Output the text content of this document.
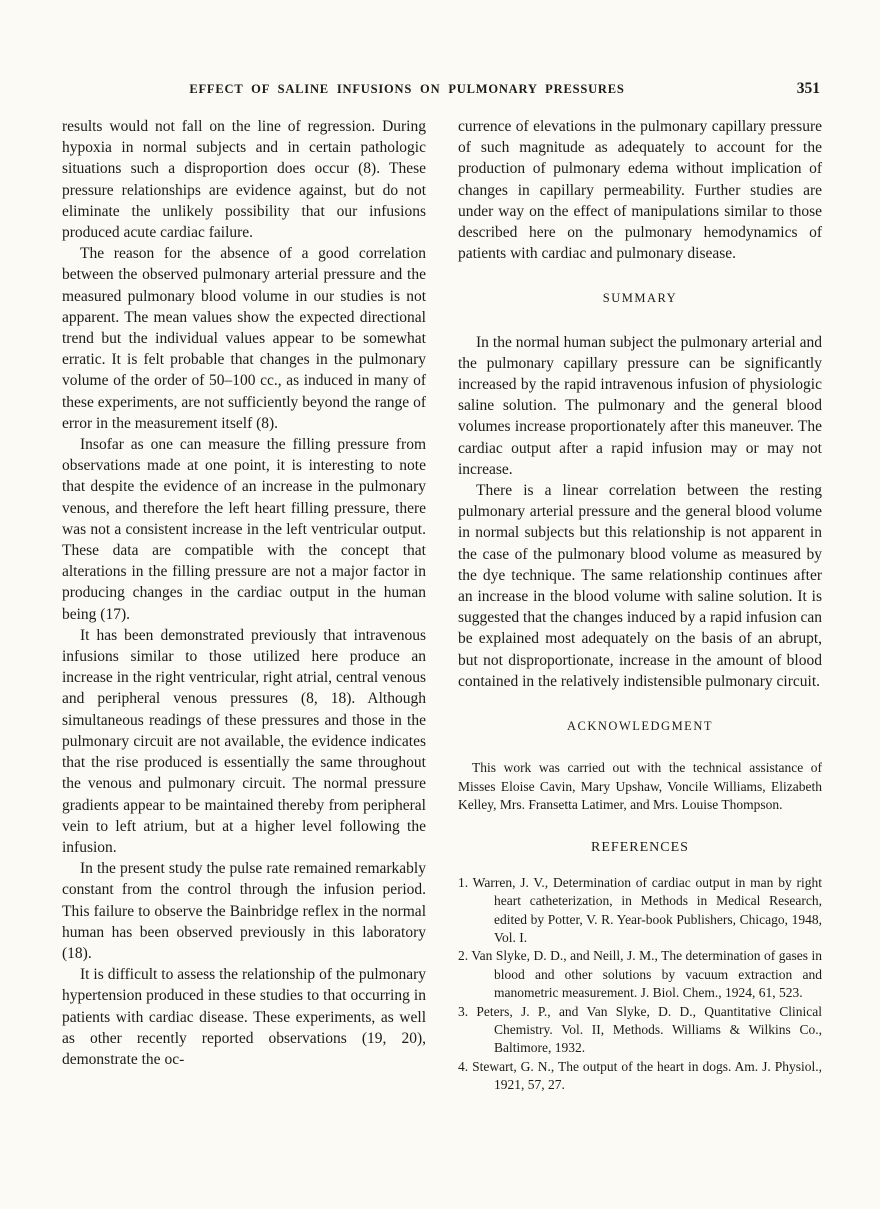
EFFECT OF SALINE INFUSIONS ON PULMONARY PRESSURES	351

results would not fall on the line of regression. During hypoxia in normal subjects and in certain pathologic situations such a disproportion does occur (8). These pressure relationships are evidence against, but do not eliminate the unlikely possibility that our infusions produced acute cardiac failure.

The reason for the absence of a good correlation between the observed pulmonary arterial pressure and the measured pulmonary blood volume in our studies is not apparent. The mean values show the expected directional trend but the individual values appear to be somewhat erratic. It is felt probable that changes in the pulmonary volume of the order of 50–100 cc., as induced in many of these experiments, are not sufficiently beyond the range of error in the measurement itself (8).

Insofar as one can measure the filling pressure from observations made at one point, it is interesting to note that despite the evidence of an increase in the pulmonary venous, and therefore the left heart filling pressure, there was not a consistent increase in the left ventricular output. These data are compatible with the concept that alterations in the filling pressure are not a major factor in producing changes in the cardiac output in the human being (17).

It has been demonstrated previously that intravenous infusions similar to those utilized here produce an increase in the right ventricular, right atrial, central venous and peripheral venous pressures (8, 18). Although simultaneous readings of these pressures and those in the pulmonary circuit are not available, the evidence indicates that the rise produced is essentially the same throughout the venous and pulmonary circuit. The normal pressure gradients appear to be maintained thereby from peripheral vein to left atrium, but at a higher level following the infusion.

In the present study the pulse rate remained remarkably constant from the control through the infusion period. This failure to observe the Bainbridge reflex in the normal human has been observed previously in this laboratory (18).

It is difficult to assess the relationship of the pulmonary hypertension produced in these studies to that occurring in patients with cardiac disease. These experiments, as well as other recently reported observations (19, 20), demonstrate the oc-

currence of elevations in the pulmonary capillary pressure of such magnitude as adequately to account for the production of pulmonary edema without implication of changes in capillary permeability. Further studies are under way on the effect of manipulations similar to those described here on the pulmonary hemodynamics of patients with cardiac and pulmonary disease.

SUMMARY

In the normal human subject the pulmonary arterial and the pulmonary capillary pressure can be significantly increased by the rapid intravenous infusion of physiologic saline solution. The pulmonary and the general blood volumes increase proportionately after this maneuver. The cardiac output after a rapid infusion may or may not increase.

There is a linear correlation between the resting pulmonary arterial pressure and the general blood volume in normal subjects but this relationship is not apparent in the case of the pulmonary blood volume as measured by the dye technique. The same relationship continues after an increase in the blood volume with saline solution. It is suggested that the changes induced by a rapid infusion can be explained most adequately on the basis of an abrupt, but not disproportionate, increase in the amount of blood contained in the relatively indistensible pulmonary circuit.

ACKNOWLEDGMENT

This work was carried out with the technical assistance of Misses Eloise Cavin, Mary Upshaw, Voncile Williams, Elizabeth Kelley, Mrs. Fransetta Latimer, and Mrs. Louise Thompson.

REFERENCES
1. Warren, J. V., Determination of cardiac output in man by right heart catheterization, in Methods in Medical Research, edited by Potter, V. R. Year-book Publishers, Chicago, 1948, Vol. I.
2. Van Slyke, D. D., and Neill, J. M., The determination of gases in blood and other solutions by vacuum extraction and manometric measurement. J. Biol. Chem., 1924, 61, 523.
3. Peters, J. P., and Van Slyke, D. D., Quantitative Clinical Chemistry. Vol. II, Methods. Williams & Wilkins Co., Baltimore, 1932.
4. Stewart, G. N., The output of the heart in dogs. Am. J. Physiol., 1921, 57, 27.
